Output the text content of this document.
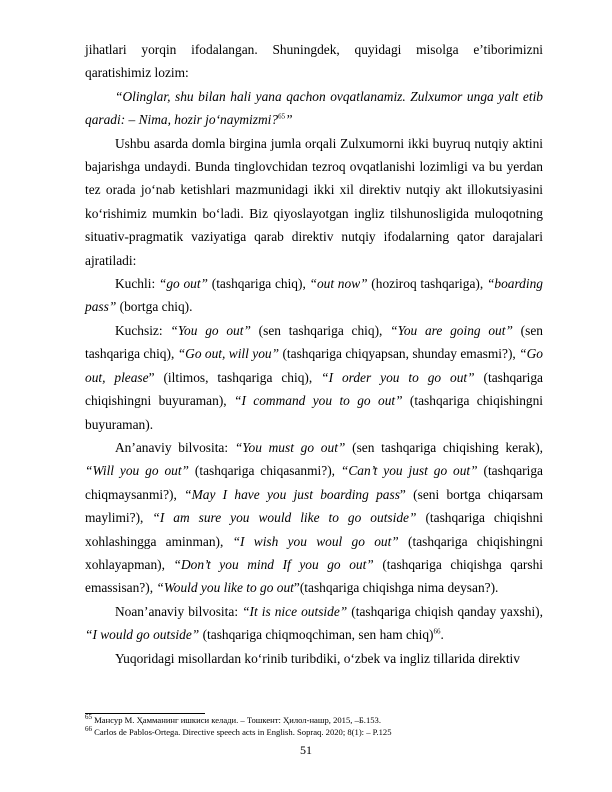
jihatlari yorqin ifodalangan. Shuningdek, quyidagi misolga e’tiborimizni qaratishimiz lozim:

“Olinglar, shu bilan hali yana qachon ovqatlanamiz. Zulxumor unga yalt etib qaradi: – Nima, hozir jo‘naymizmi?$^{65}$”

Ushbu asarda domla birgina jumla orqali Zulxumorni ikki buyruq nutqiy aktini bajarishga undaydi. Bunda tinglovchidan tezroq ovqatlanishi lozimligi va bu yerdan tez orada jo‘nab ketishlari mazmunidagi ikki xil direktiv nutqiy akt illokutsiyasini ko‘rishimiz mumkin bo‘ladi. Biz qiyoslayotgan ingliz tilshunosligida muloqotning situativ-pragmatik vaziyatiga qarab direktiv nutqiy ifodalarning qator darajalari ajratiladi:

Kuchli: “go out” (tashqariga chiq), “out now” (hoziroq tashqariga), “boarding pass” (bortga chiq).

Kuchsiz: “You go out” (sen tashqariga chiq), “You are going out” (sen tashqariga chiq), “Go out, will you” (tashqariga chiqyapsan, shunday emasmi?), “Go out, please” (iltimos, tashqariga chiq), “I order you to go out” (tashqariga chiqishingni buyuraman), “I command you to go out” (tashqariga chiqishingni buyuraman).

An’anaviy bilvosita: “You must go out” (sen tashqariga chiqishing kerak), “Will you go out” (tashqariga chiqasanmi?), “Can’t you just go out” (tashqariga chiqmaysanmi?), “May I have you just boarding pass” (seni bortga chiqarsam maylimi?), “I am sure you would like to go outside” (tashqariga chiqishni xohlashingga aminman), “I wish you woul go out” (tashqariga chiqishingni xohlayapman), “Don’t you mind If you go out” (tashqariga chiqishga qarshi emassisan?), “Would you like to go out”(tashqariga chiqishga nima deysan?).

Noan’anaviy bilvosita: “It is nice outside” (tashqariga chiqish qanday yaxshi), “I would go outside” (tashqariga chiqmoqchiman, sen ham chiq)$^{66}$.

Yuqoridagi misollardan ko‘rinib turibdiki, o‘zbek va ingliz tillarida direktiv

$^{65}$ Мансур М. Ҳамманинг ишкиси келади. – Тошкент: Ҳилол-нашр, 2015, –Б.153.
$^{66}$ Carlos de Pablos-Ortega. Directive speech acts in English. Sopraq. 2020; 8(1): – P.125
51
